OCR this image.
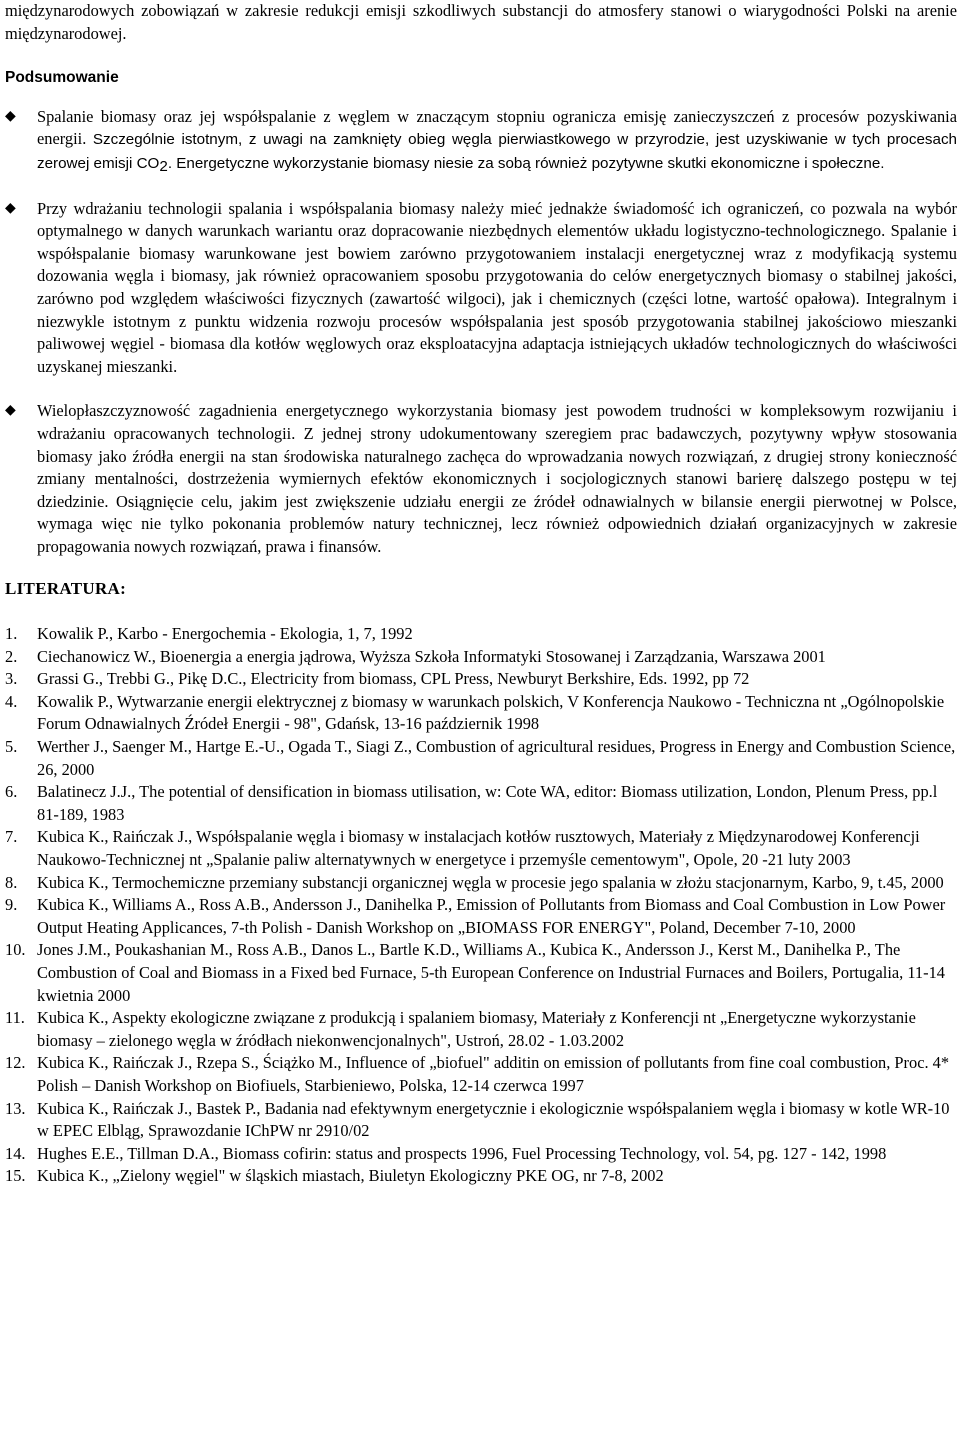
międzynarodowych zobowiązań w zakresie redukcji emisji szkodliwych substancji do atmosfery stanowi o wiarygodności Polski na arenie międzynarodowej.

Podsumowanie

◆ Spalanie biomasy oraz jej współspalanie z węglem w znaczącym stopniu ogranicza emisję zanieczyszczeń z procesów pozyskiwania energii. Szczególnie istotnym, z uwagi na zamknięty obieg węgla pierwiastkowego w przyrodzie, jest uzyskiwanie w tych procesach zerowej emisji $CO_2$. Energetyczne wykorzystanie biomasy niesie za sobą również pozytywne skutki ekonomiczne i społeczne.

◆ Przy wdrażaniu technologii spalania i współspalania biomasy należy mieć jednakże świadomość ich ograniczeń, co pozwala na wybór optymalnego w danych warunkach wariantu oraz dopracowanie niezbędnych elementów układu logistyczno-technologicznego. Spalanie i współspalanie biomasy warunkowane jest bowiem zarówno przygotowaniem instalacji energetycznej wraz z modyfikacją systemu dozowania węgla i biomasy, jak również opracowaniem sposobu przygotowania do celów energetycznych biomasy o stabilnej jakości, zarówno pod względem właściwości fizycznych (zawartość wilgoci), jak i chemicznych (części lotne, wartość opałowa). Integralnym i niezwykle istotnym z punktu widzenia rozwoju procesów współspalania jest sposób przygotowania stabilnej jakościowo mieszanki paliwowej węgiel - biomasa dla kotłów węglowych oraz eksploatacyjna adaptacja istniejących układów technologicznych do właściwości uzyskanej mieszanki.

◆ Wielopłaszczyznowość zagadnienia energetycznego wykorzystania biomasy jest powodem trudności w kompleksowym rozwijaniu i wdrażaniu opracowanych technologii. Z jednej strony udokumentowany szeregiem prac badawczych, pozytywny wpływ stosowania biomasy jako źródła energii na stan środowiska naturalnego zachęca do wprowadzania nowych rozwiązań, z drugiej strony konieczność zmiany mentalności, dostrzeżenia wymiernych efektów ekonomicznych i socjologicznych stanowi barierę dalszego postępu w tej dziedzinie. Osiągnięcie celu, jakim jest zwiększenie udziału energii ze źródeł odnawialnych w bilansie energii pierwotnej w Polsce, wymaga więc nie tylko pokonania problemów natury technicznej, lecz również odpowiednich działań organizacyjnych w zakresie propagowania nowych rozwiązań, prawa i finansów.

LITERATURA:

1. Kowalik P., Karbo - Energochemia - Ekologia, 1, 7, 1992
2. Ciechanowicz W., Bioenergia a energia jądrowa, Wyższa Szkoła Informatyki Stosowanej i Zarządzania, Warszawa 2001
3. Grassi G., Trebbi G., Pikę D.C., Electricity from biomass, CPL Press, Newburyt Berkshire, Eds. 1992, pp 72
4. Kowalik P., Wytwarzanie energii elektrycznej z biomasy w warunkach polskich, V Konferencja Naukowo - Techniczna nt „Ogólnopolskie Forum Odnawialnych Źródeł Energii - 98", Gdańsk, 13-16 październik 1998
5. Werther J., Saenger M., Hartge E.-U., Ogada T., Siagi Z., Combustion of agricultural residues, Progress in Energy and Combustion Science, 26, 2000
6. Balatinecz J.J., The potential of densification in biomass utilisation, w: Cote WA, editor: Biomass utilization, London, Plenum Press, pp.l 81-189, 1983
7. Kubica K., Raińczak J., Współspalanie węgla i biomasy w instalacjach kotłów rusztowych, Materiały z Międzynarodowej Konferencji Naukowo-Technicznej nt „Spalanie paliw alternatywnych w energetyce i przemyśle cementowym", Opole, 20 -21 luty 2003
8. Kubica K., Termochemiczne przemiany substancji organicznej węgla w procesie jego spalania w złożu stacjonarnym, Karbo, 9, t.45, 2000
9. Kubica K., Williams A., Ross A.B., Andersson J., Danihelka P., Emission of Pollutants from Biomass and Coal Combustion in Low Power Output Heating Applicances, 7-th Polish - Danish Workshop on „BIOMASS FOR ENERGY", Poland, December 7-10, 2000
10. Jones J.M., Poukashanian M., Ross A.B., Danos L., Bartle K.D., Williams A., Kubica K., Andersson J., Kerst M., Danihelka P., The Combustion of Coal and Biomass in a Fixed bed Furnace, 5-th European Conference on Industrial Furnaces and Boilers, Portugalia, 11-14 kwietnia 2000
11. Kubica K., Aspekty ekologiczne związane z produkcją i spalaniem biomasy, Materiały z Konferencji nt „Energetyczne wykorzystanie biomasy – zielonego węgla w źródłach niekonwencjonalnych", Ustroń, 28.02 - 1.03.2002
12. Kubica K., Raińczak J., Rzepa S., Ściążko M., Influence of „biofuel" additin on emission of pollutants from fine coal combustion, Proc. 4* Polish – Danish Workshop on Biofiuels, Starbieniewo, Polska, 12-14 czerwca 1997
13. Kubica K., Raińczak J., Bastek P., Badania nad efektywnym energetycznie i ekologicznie współspalaniem węgla i biomasy w kotle WR-10 w EPEC Elbląg, Sprawozdanie IChPW nr 2910/02
14. Hughes E.E., Tillman D.A., Biomass cofirin: status and prospects 1996, Fuel Processing Technology, vol. 54, pg. 127 - 142, 1998
15. Kubica K., „Zielony węgiel" w śląskich miastach, Biuletyn Ekologiczny PKE OG, nr 7-8, 2002
